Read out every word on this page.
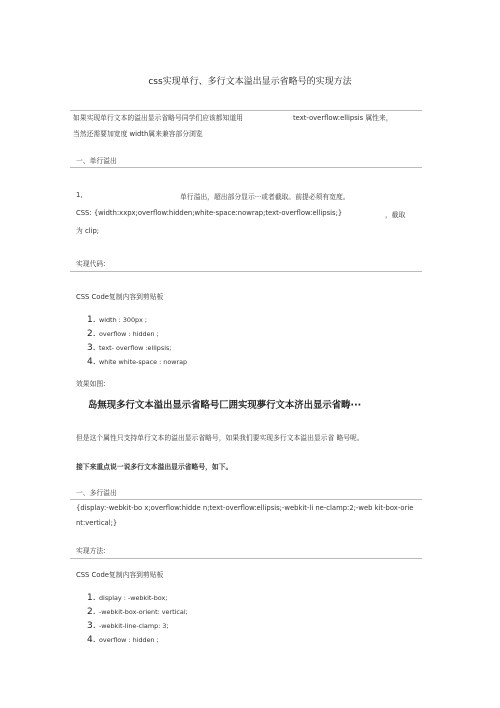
css实现单行、多行文本溢出显示省略号的实现方法
如果实现单行文本的溢出显示省略号同学们应该都知道用	text-overflow:ellipsis 属性来，
当然还需要加宽度 width属来兼容部分浏览
一、单行溢出
1,	单行溢出，超出部分显示···或者截取。前提必须有宽度。
CSS: {width:xxpx;overflow:hidden;white-space:nowrap;text-overflow:ellipsis;}	，截取
为 clip;
实现代码:
CSS Code复制内容到剪贴板
1. width : 300px ;
2. overflow : hidden ;
3. text- overflow :ellipsis;
4. white white-space : nowrap
效果如图:
岛無现多行文本溢出显示省略号匚囲实现夢行文本济出显示省畴···
但是这个属性只支持单行文本的溢出显示省略号，如果我们要实现多行文本溢出显示省 略号呢。
接下来重点说一说多行文本溢出显示省略号，如下。
一、多行溢出
{display:-webkit-bo x;overflow:hidde n;text-overflow:ellipsis;-webkit-li ne-clamp:2;-web kit-box-orie
nt:vertical;}
实现方法:
CSS Code复制内容到剪贴板
1. display : -webkit-box;
2. -webkit-box-orient: vertical;
3. -webkit-line-clamp: 3;
4. overflow : hidden ;
